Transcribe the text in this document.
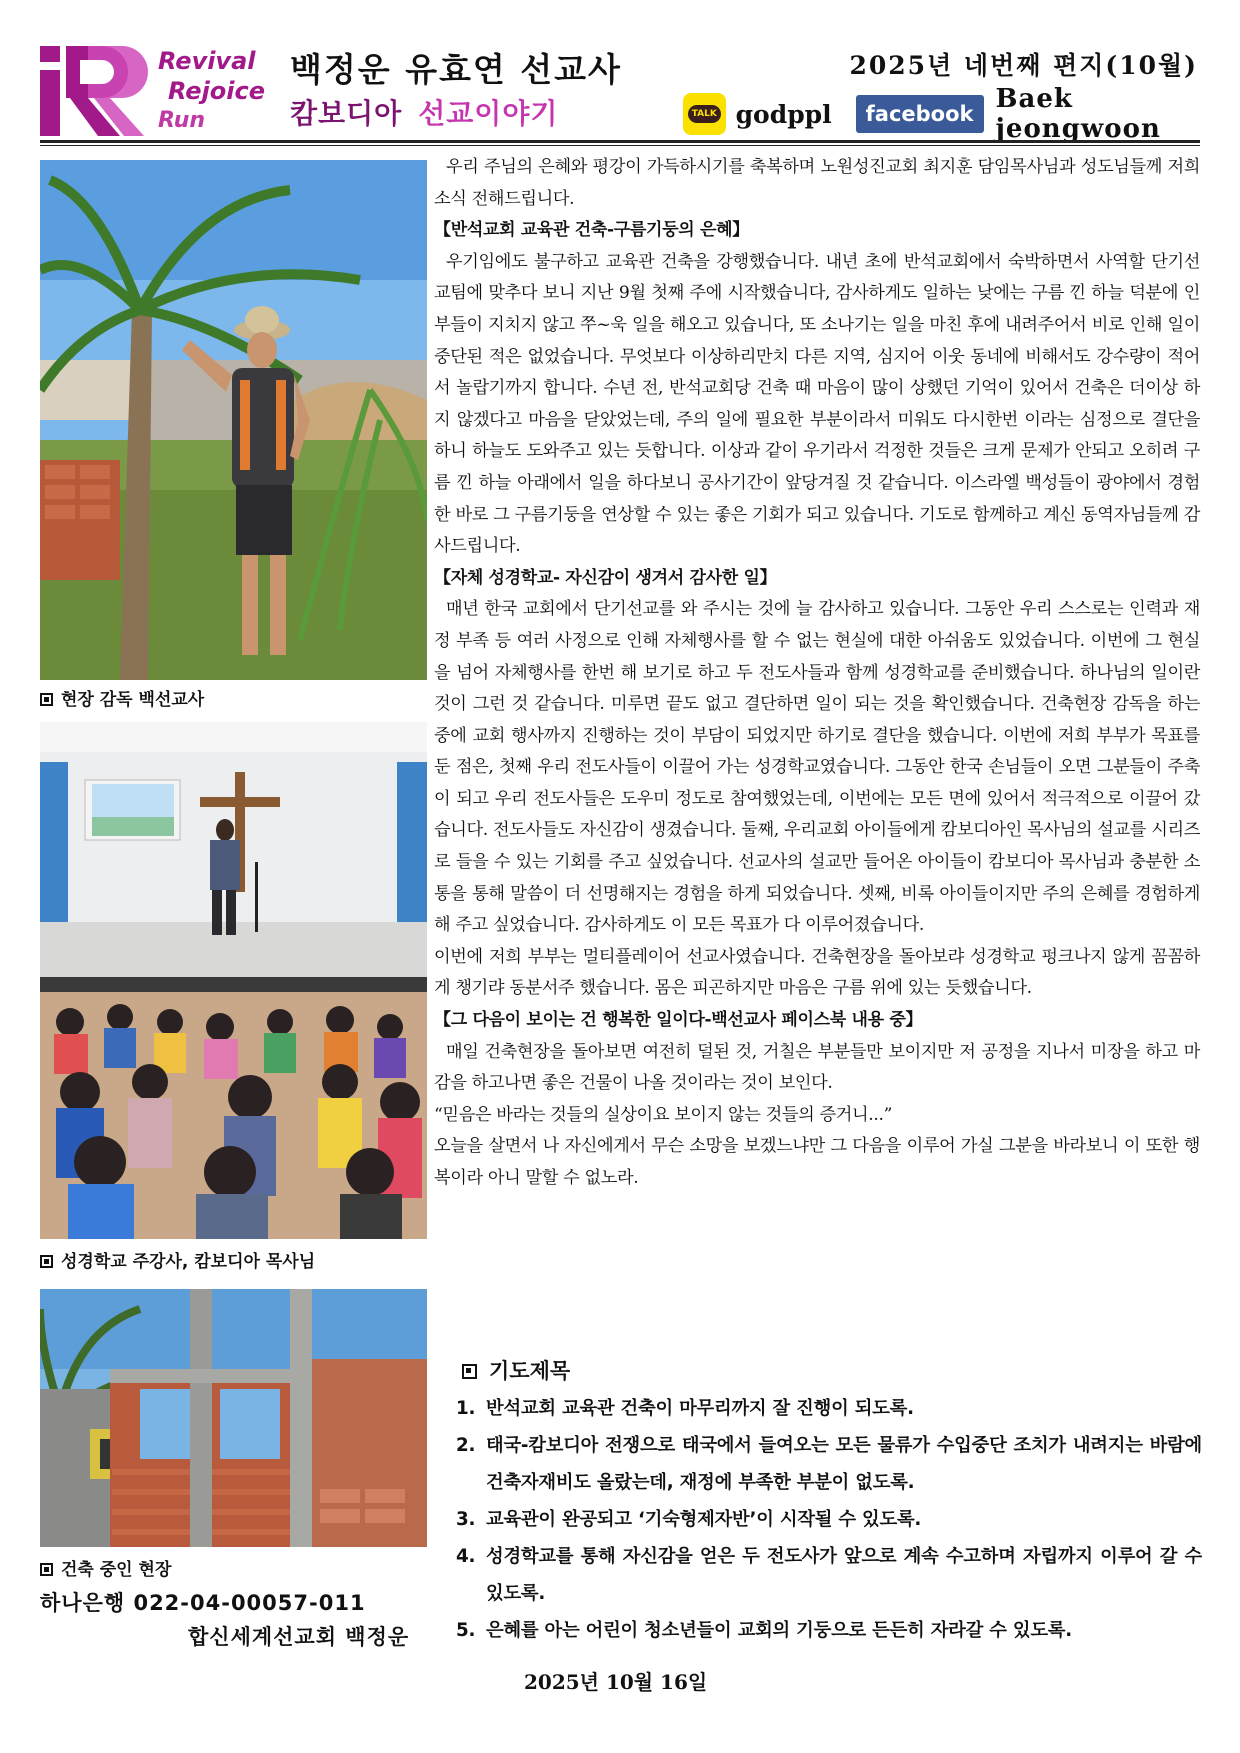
Revival
Rejoice
Run
백정운 유효연 선교사
캄보디아 선교이야기
2025년 네번째 편지(10월)
TALK godppl	facebook Baek jeongwoon
현장 감독 백선교사
성경학교 주강사, 캄보디아 목사님
건축 중인 현장
하나은행 022-04-00057-011
합신세계선교회 백정운

우리 주님의 은혜와 평강이 가득하시기를 축복하며 노원성진교회 최지훈 담임목사님과 성도님들께 저희 소식 전해드립니다.

【반석교회 교육관 건축-구름기둥의 은혜】

우기임에도 불구하고 교육관 건축을 강행했습니다. 내년 초에 반석교회에서 숙박하면서 사역할 단기선교팀에 맞추다 보니 지난 9월 첫째 주에 시작했습니다, 감사하게도 일하는 낮에는 구름 낀 하늘 덕분에 인부들이 지치지 않고 쭈~욱 일을 해오고 있습니다, 또 소나기는 일을 마친 후에 내려주어서 비로 인해 일이 중단된 적은 없었습니다. 무엇보다 이상하리만치 다른 지역, 심지어 이웃 동네에 비해서도 강수량이 적어서 놀랍기까지 합니다. 수년 전, 반석교회당 건축 때 마음이 많이 상했던 기억이 있어서 건축은 더이상 하지 않겠다고 마음을 닫았었는데, 주의 일에 필요한 부분이라서 미워도 다시한번 이라는 심정으로 결단을 하니 하늘도 도와주고 있는 듯합니다. 이상과 같이 우기라서 걱정한 것들은 크게 문제가 안되고 오히려 구름 낀 하늘 아래에서 일을 하다보니 공사기간이 앞당겨질 것 같습니다. 이스라엘 백성들이 광야에서 경험한 바로 그 구름기둥을 연상할 수 있는 좋은 기회가 되고 있습니다. 기도로 함께하고 계신 동역자님들께 감사드립니다.

【자체 성경학교- 자신감이 생겨서 감사한 일】

매년 한국 교회에서 단기선교를 와 주시는 것에 늘 감사하고 있습니다. 그동안 우리 스스로는 인력과 재정 부족 등 여러 사정으로 인해 자체행사를 할 수 없는 현실에 대한 아쉬움도 있었습니다. 이번에 그 현실을 넘어 자체행사를 한번 해 보기로 하고 두 전도사들과 함께 성경학교를 준비했습니다. 하나님의 일이란 것이 그런 것 같습니다. 미루면 끝도 없고 결단하면 일이 되는 것을 확인했습니다. 건축현장 감독을 하는 중에 교회 행사까지 진행하는 것이 부담이 되었지만 하기로 결단을 했습니다. 이번에 저희 부부가 목표를 둔 점은, 첫째 우리 전도사들이 이끌어 가는 성경학교였습니다. 그동안 한국 손님들이 오면 그분들이 주축이 되고 우리 전도사들은 도우미 정도로 참여했었는데, 이번에는 모든 면에 있어서 적극적으로 이끌어 갔습니다. 전도사들도 자신감이 생겼습니다. 둘째, 우리교회 아이들에게 캄보디아인 목사님의 설교를 시리즈로 들을 수 있는 기회를 주고 싶었습니다. 선교사의 설교만 들어온 아이들이 캄보디아 목사님과 충분한 소통을 통해 말씀이 더 선명해지는 경험을 하게 되었습니다. 셋째, 비록 아이들이지만 주의 은혜를 경험하게 해 주고 싶었습니다. 감사하게도 이 모든 목표가 다 이루어졌습니다.

이번에 저희 부부는 멀티플레이어 선교사였습니다. 건축현장을 돌아보랴 성경학교 펑크나지 않게 꼼꼼하게 챙기랴 동분서주 했습니다. 몸은 피곤하지만 마음은 구름 위에 있는 듯했습니다.

【그 다음이 보이는 건 행복한 일이다-백선교사 페이스북 내용 중】

매일 건축현장을 돌아보면 여전히 덜된 것, 거칠은 부분들만 보이지만 저 공정을 지나서 미장을 하고 마감을 하고나면 좋은 건물이 나올 것이라는 것이 보인다.

“믿음은 바라는 것들의 실상이요 보이지 않는 것들의 증거니...”

오늘을 살면서 나 자신에게서 무슨 소망을 보겠느냐만 그 다음을 이루어 가실 그분을 바라보니 이 또한 행복이라 아니 말할 수 없노라.

기도제목
1. 반석교회 교육관 건축이 마무리까지 잘 진행이 되도록.
2. 태국-캄보디아 전쟁으로 태국에서 들여오는 모든 물류가 수입중단 조치가 내려지는 바람에 건축자재비도 올랐는데, 재정에 부족한 부분이 없도록.
3. 교육관이 완공되고 ‘기숙형제자반’이 시작될 수 있도록.
4. 성경학교를 통해 자신감을 얻은 두 전도사가 앞으로 계속 수고하며 자립까지 이루어 갈 수 있도록.
5. 은혜를 아는 어린이 청소년들이 교회의 기둥으로 든든히 자라갈 수 있도록.
2025년 10월 16일
